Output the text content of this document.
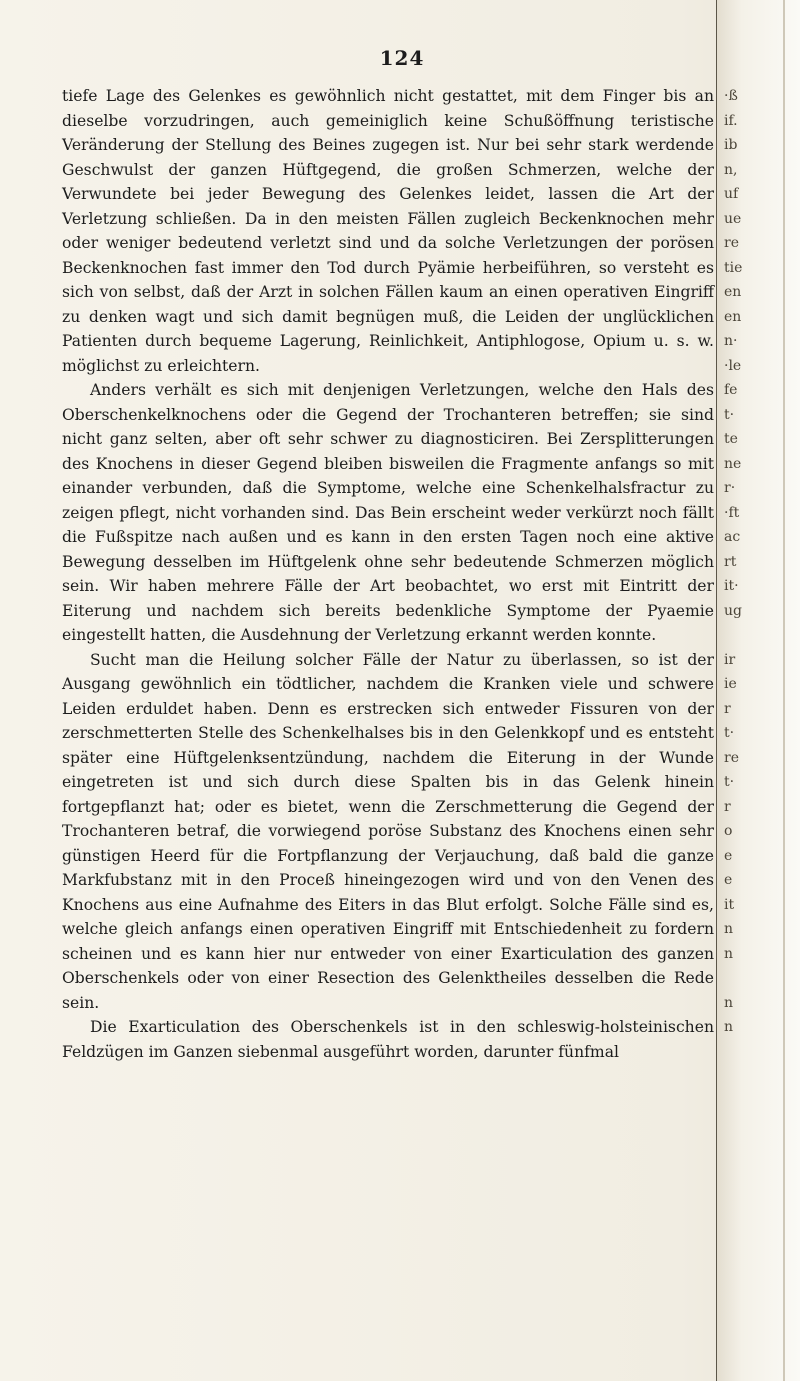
124

tiefe Lage des Gelenkes es gewöhnlich nicht gestattet, mit dem Finger bis an dieselbe vorzudringen, auch gemeiniglich keine Schußöffnung teristische Veränderung der Stellung des Beines zugegen ist. Nur bei sehr stark werdende Geschwulst der ganzen Hüftgegend, die großen Schmerzen, welche der Verwundete bei jeder Bewegung des Gelenkes leidet, lassen die Art der Verletzung schließen. Da in den meisten Fällen zugleich Beckenknochen mehr oder weniger bedeutend verletzt sind und da solche Verletzungen der porösen Beckenknochen fast immer den Tod durch Pyämie herbeiführen, so versteht es sich von selbst, daß der Arzt in solchen Fällen kaum an einen operativen Eingriff zu denken wagt und sich damit begnügen muß, die Leiden der unglücklichen Patienten durch bequeme Lagerung, Reinlichkeit, Antiphlogose, Opium u. s. w. möglichst zu erleichtern.

Anders verhält es sich mit denjenigen Verletzungen, welche den Hals des Oberschenkelknochens oder die Gegend der Trochanteren betreffen; sie sind nicht ganz selten, aber oft sehr schwer zu diagnosticiren. Bei Zersplitterungen des Knochens in dieser Gegend bleiben bisweilen die Fragmente anfangs so mit einander verbunden, daß die Symptome, welche eine Schenkelhalsfractur zu zeigen pflegt, nicht vorhanden sind. Das Bein erscheint weder verkürzt noch fällt die Fußspitze nach außen und es kann in den ersten Tagen noch eine aktive Bewegung desselben im Hüftgelenk ohne sehr bedeutende Schmerzen möglich sein. Wir haben mehrere Fälle der Art beobachtet, wo erst mit Eintritt der Eiterung und nachdem sich bereits bedenkliche Symptome der Pyaemie eingestellt hatten, die Ausdehnung der Verletzung erkannt werden konnte.

Sucht man die Heilung solcher Fälle der Natur zu überlassen, so ist der Ausgang gewöhnlich ein tödtlicher, nachdem die Kranken viele und schwere Leiden erduldet haben. Denn es erstrecken sich entweder Fissuren von der zerschmetterten Stelle des Schenkelhalses bis in den Gelenkkopf und es entsteht später eine Hüftgelenksentzündung, nachdem die Eiterung in der Wunde eingetreten ist und sich durch diese Spalten bis in das Gelenk hinein fortgepflanzt hat; oder es bietet, wenn die Zerschmetterung die Gegend der Trochanteren betraf, die vorwiegend poröse Substanz des Knochens einen sehr günstigen Heerd für die Fortpflanzung der Verjauchung, daß bald die ganze Markfubstanz mit in den Proceß hineingezogen wird und von den Venen des Knochens aus eine Aufnahme des Eiters in das Blut erfolgt. Solche Fälle sind es, welche gleich anfangs einen operativen Eingriff mit Entschiedenheit zu fordern scheinen und es kann hier nur entweder von einer Exarticulation des ganzen Oberschenkels oder von einer Resection des Gelenktheiles desselben die Rede sein.

Die Exarticulation des Oberschenkels ist in den schleswig-holsteinischen Feldzügen im Ganzen siebenmal ausgeführt worden, darunter fünfmal

·ß
if.
ib
n,
uf
ue
re
tie
en
en
n·
·le
fe
t·
te
ne
r·
·ft
ac
rt
it·
ug
ir
ie
r
t·
re
t·
r
o
e
e
it
n
n
n
n
